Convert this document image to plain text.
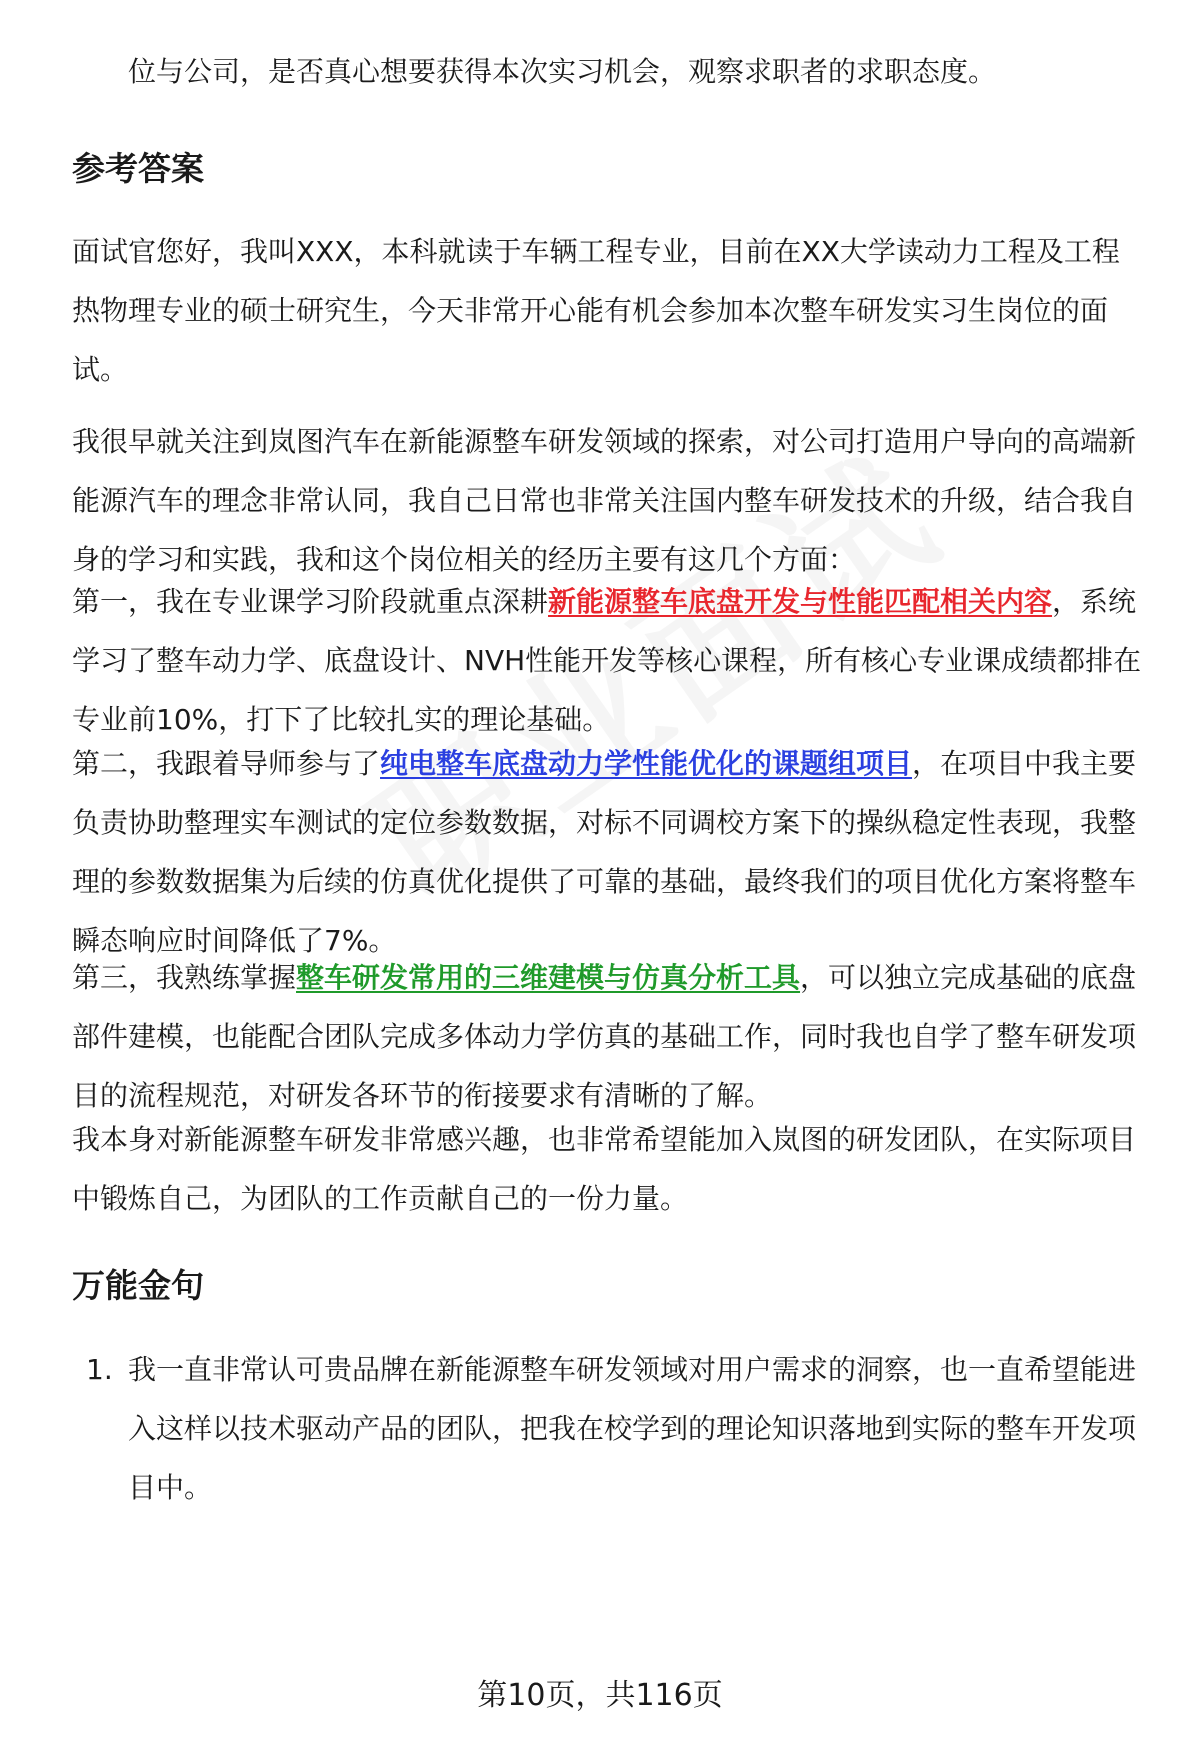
位与公司，是否真心想要获得本次实习机会，观察求职者的求职态度。

参考答案

面试官您好，我叫XXX，本科就读于车辆工程专业，目前在XX大学读动力工程及工程热物理专业的硕士研究生，今天非常开心能有机会参加本次整车研发实习生岗位的面试。

我很早就关注到岚图汽车在新能源整车研发领域的探索，对公司打造用户导向的高端新能源汽车的理念非常认同，我自己日常也非常关注国内整车研发技术的升级，结合我自身的学习和实践，我和这个岗位相关的经历主要有这几个方面：

第一，我在专业课学习阶段就重点深耕新能源整车底盘开发与性能匹配相关内容，系统学习了整车动力学、底盘设计、NVH性能开发等核心课程，所有核心专业课成绩都排在专业前10%，打下了比较扎实的理论基础。

第二，我跟着导师参与了纯电整车底盘动力学性能优化的课题组项目，在项目中我主要负责协助整理实车测试的定位参数数据，对标不同调校方案下的操纵稳定性表现，我整理的参数数据集为后续的仿真优化提供了可靠的基础，最终我们的项目优化方案将整车瞬态响应时间降低了7%。

第三，我熟练掌握整车研发常用的三维建模与仿真分析工具，可以独立完成基础的底盘部件建模，也能配合团队完成多体动力学仿真的基础工作，同时我也自学了整车研发项目的流程规范，对研发各环节的衔接要求有清晰的了解。

我本身对新能源整车研发非常感兴趣，也非常希望能加入岚图的研发团队，在实际项目中锻炼自己，为团队的工作贡献自己的一份力量。

万能金句
1. 我一直非常认可贵品牌在新能源整车研发领域对用户需求的洞察，也一直希望能进入这样以技术驱动产品的团队，把我在校学到的理论知识落地到实际的整车开发项目中。

第10页，共116页
